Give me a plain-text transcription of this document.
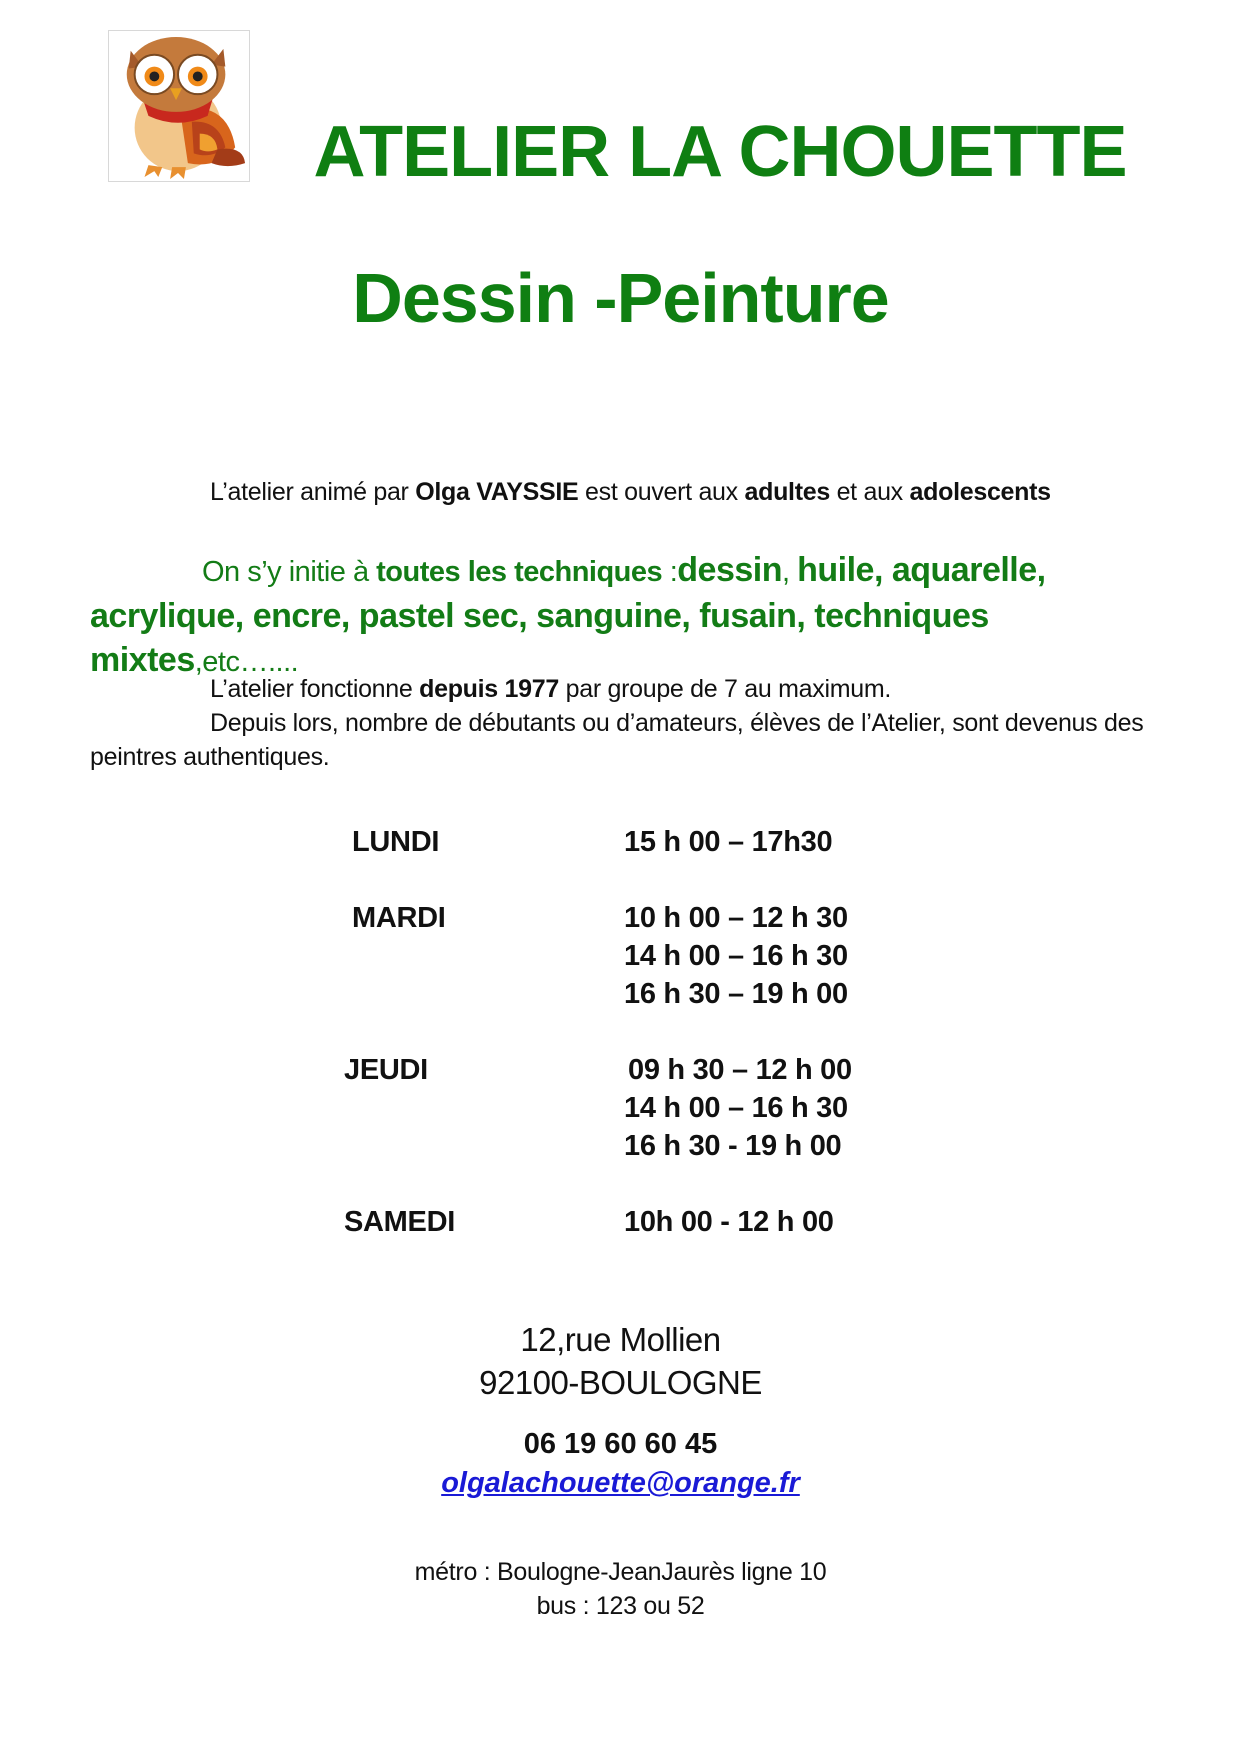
ATELIER LA CHOUETTE
Dessin -Peinture
L’atelier animé par Olga VAYSSIE est ouvert aux adultes et aux adolescents
On s’y initie à toutes les techniques :dessin, huile, aquarelle, acrylique, encre, pastel sec, sanguine, fusain, techniques mixtes,etc…....
L’atelier fonctionne depuis 1977 par groupe de 7 au maximum.
Depuis lors, nombre de débutants ou d’amateurs, élèves de l’Atelier, sont devenus des peintres authentiques.
LUNDI	15 h 00 – 17h30
MARDI	10 h 00 – 12 h 30
14 h 00 – 16 h 30
16 h 30 – 19 h 00
JEUDI	09 h 30 – 12 h 00
14 h 00 – 16 h 30
16 h 30 - 19 h 00
SAMEDI	10h 00 - 12 h 00
12,rue Mollien
92100-BOULOGNE
06 19 60 60 45
olgalachouette@orange.fr
métro : Boulogne-JeanJaurès ligne 10
bus : 123 ou 52
